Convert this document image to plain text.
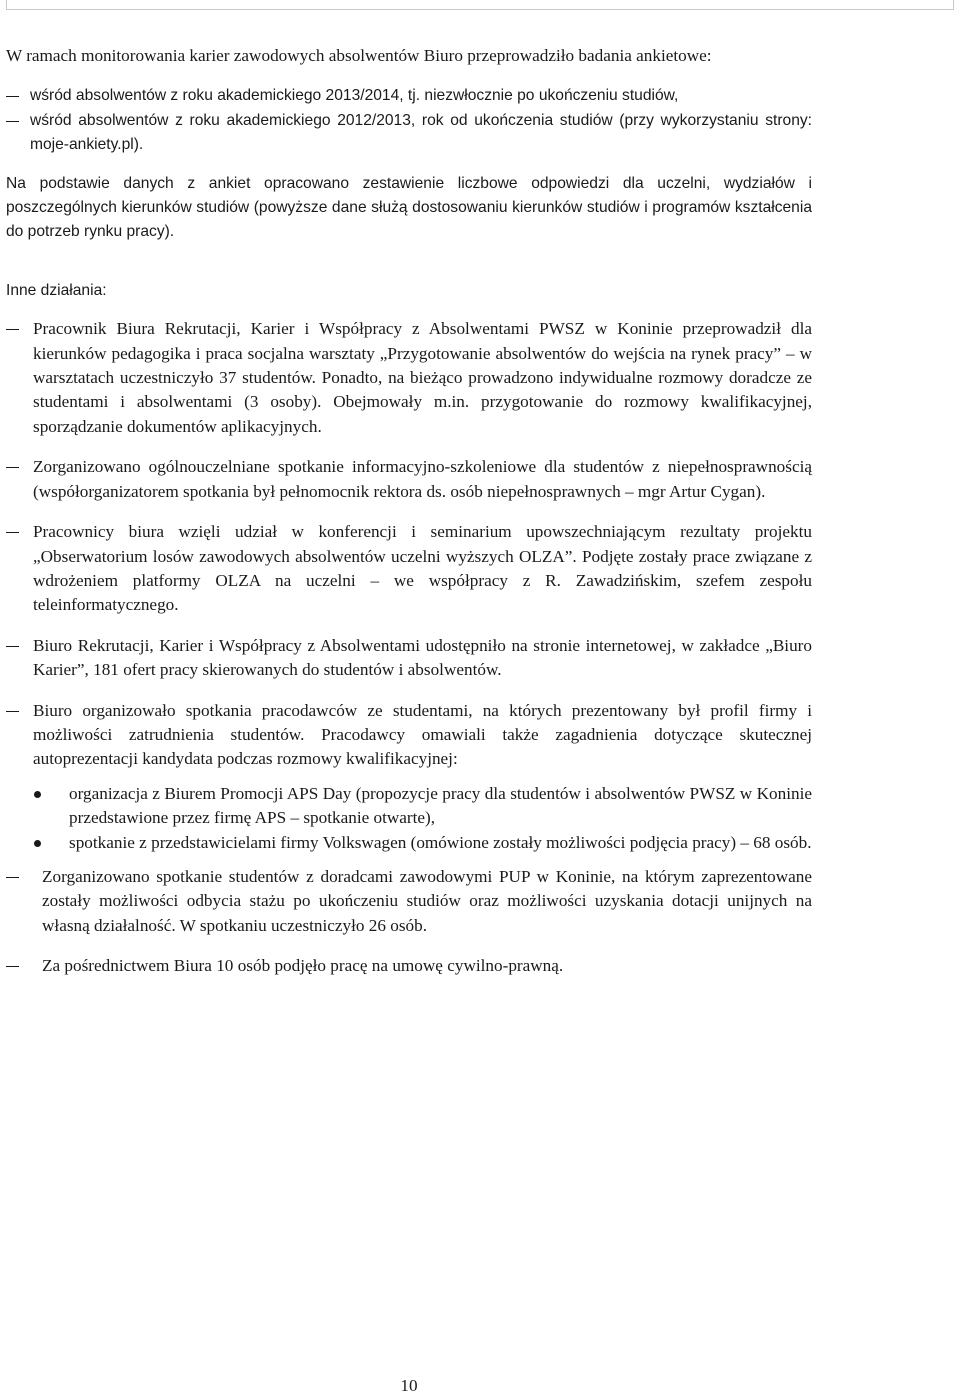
W ramach monitorowania karier zawodowych absolwentów Biuro przeprowadziło badania ankietowe:

wśród absolwentów z roku akademickiego 2013/2014, tj. niezwłocznie po ukończeniu studiów,
wśród absolwentów z roku akademickiego 2012/2013, rok od ukończenia studiów (przy wykorzystaniu strony: moje-ankiety.pl).

Na podstawie danych z ankiet opracowano zestawienie liczbowe odpowiedzi dla uczelni, wydziałów i poszczególnych kierunków studiów (powyższe dane służą dostosowaniu kierunków studiów i programów kształcenia do potrzeb rynku pracy).

Inne działania:

Pracownik Biura Rekrutacji, Karier i Współpracy z Absolwentami PWSZ w Koninie przeprowadził dla kierunków pedagogika i praca socjalna warsztaty „Przygotowanie absolwentów do wejścia na rynek pracy” – w warsztatach uczestniczyło 37 studentów. Ponadto, na bieżąco prowadzono indywidualne rozmowy doradcze ze studentami i absolwentami (3 osoby). Obejmowały m.in. przygotowanie do rozmowy kwalifikacyjnej, sporządzanie dokumentów aplikacyjnych.
Zorganizowano ogólnouczelniane spotkanie informacyjno-szkoleniowe dla studentów z niepełnosprawnością (współorganizatorem spotkania był pełnomocnik rektora ds. osób niepełnosprawnych – mgr Artur Cygan).
Pracownicy biura wzięli udział w konferencji i seminarium upowszechniającym rezultaty projektu „Obserwatorium losów zawodowych absolwentów uczelni wyższych OLZA”. Podjęte zostały prace związane z wdrożeniem platformy OLZA na uczelni – we współpracy z R. Zawadzińskim, szefem zespołu teleinformatycznego.
Biuro Rekrutacji, Karier i Współpracy z Absolwentami udostępniło na stronie internetowej, w zakładce „Biuro Karier”, 181 ofert pracy skierowanych do studentów i absolwentów.
Biuro organizowało spotkania pracodawców ze studentami, na których prezentowany był profil firmy i możliwości zatrudnienia studentów. Pracodawcy omawiali także zagadnienia dotyczące skutecznej autoprezentacji kandydata podczas rozmowy kwalifikacyjnej:
organizacja z Biurem Promocji APS Day (propozycje pracy dla studentów i absolwentów PWSZ w Koninie przedstawione przez firmę APS – spotkanie otwarte),
spotkanie z przedstawicielami firmy Volkswagen (omówione zostały możliwości podjęcia pracy) – 68 osób.
Zorganizowano spotkanie studentów z doradcami zawodowymi PUP w Koninie, na którym zaprezentowane zostały możliwości odbycia stażu po ukończeniu studiów oraz możliwości uzyskania dotacji unijnych na własną działalność. W spotkaniu uczestniczyło 26 osób.
Za pośrednictwem Biura 10 osób podjęło pracę na umowę cywilno-prawną.
10
